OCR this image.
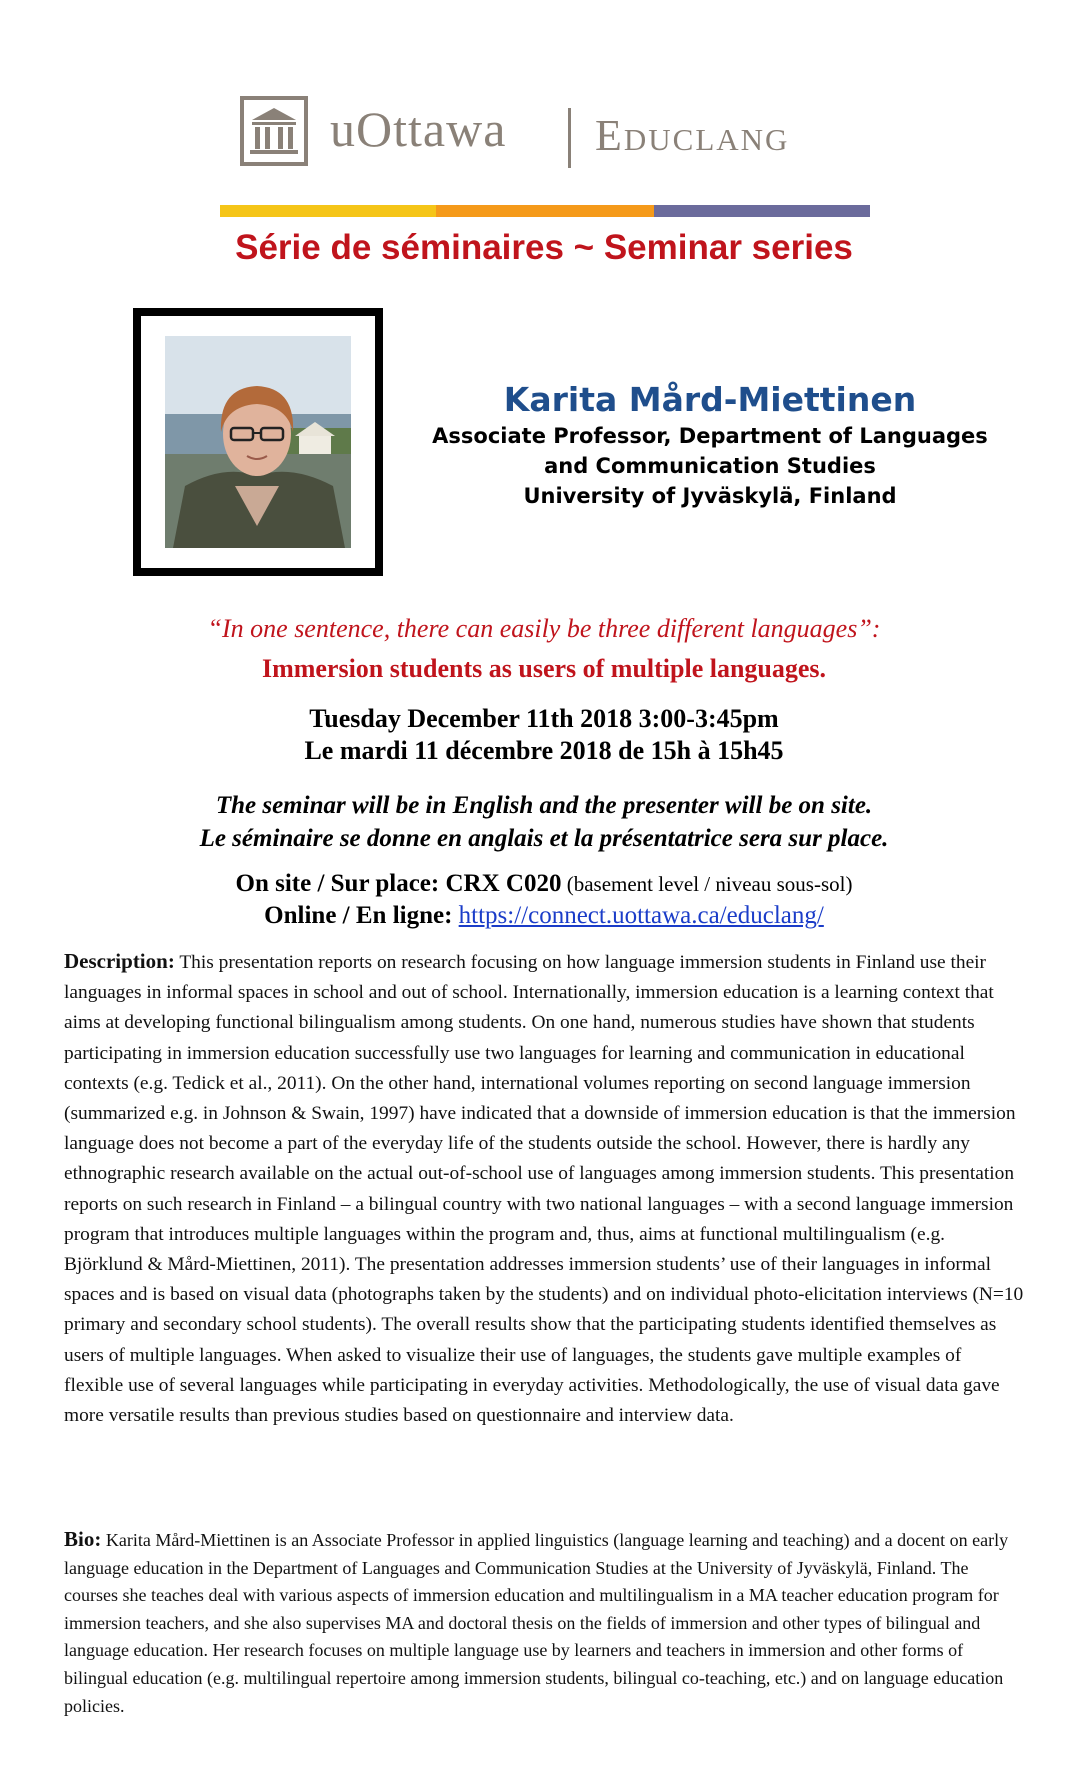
uOttawa Educlang
Série de séminaires ~ Seminar series
Karita Mård-Miettinen
Associate Professor, Department of Languages
and Communication Studies
University of Jyväskylä, Finland
“In one sentence, there can easily be three different languages”:
Immersion students as users of multiple languages.
Tuesday December 11th 2018 3:00-3:45pm
Le mardi 11 décembre 2018 de 15h à 15h45
The seminar will be in English and the presenter will be on site.
Le séminaire se donne en anglais et la présentatrice sera sur place.
On site / Sur place: CRX C020 (basement level / niveau sous-sol)
Online / En ligne: https://connect.uottawa.ca/educlang/
Description: This presentation reports on research focusing on how language immersion students in Finland use their languages in informal spaces in school and out of school. Internationally, immersion education is a learning context that aims at developing functional bilingualism among students. On one hand, numerous studies have shown that students participating in immersion education successfully use two languages for learning and communication in educational contexts (e.g. Tedick et al., 2011). On the other hand, international volumes reporting on second language immersion (summarized e.g. in Johnson & Swain, 1997) have indicated that a downside of immersion education is that the immersion language does not become a part of the everyday life of the students outside the school. However, there is hardly any ethnographic research available on the actual out-of-school use of languages among immersion students. This presentation reports on such research in Finland – a bilingual country with two national languages – with a second language immersion program that introduces multiple languages within the program and, thus, aims at functional multilingualism (e.g. Björklund & Mård-Miettinen, 2011). The presentation addresses immersion students’ use of their languages in informal spaces and is based on visual data (photographs taken by the students) and on individual photo-elicitation interviews (N=10 primary and secondary school students). The overall results show that the participating students identified themselves as users of multiple languages. When asked to visualize their use of languages, the students gave multiple examples of flexible use of several languages while participating in everyday activities. Methodologically, the use of visual data gave more versatile results than previous studies based on questionnaire and interview data.
Bio: Karita Mård-Miettinen is an Associate Professor in applied linguistics (language learning and teaching) and a docent on early language education in the Department of Languages and Communication Studies at the University of Jyväskylä, Finland. The courses she teaches deal with various aspects of immersion education and multilingualism in a MA teacher education program for immersion teachers, and she also supervises MA and doctoral thesis on the fields of immersion and other types of bilingual and language education. Her research focuses on multiple language use by learners and teachers in immersion and other forms of bilingual education (e.g. multilingual repertoire among immersion students, bilingual co-teaching, etc.) and on language education policies.
